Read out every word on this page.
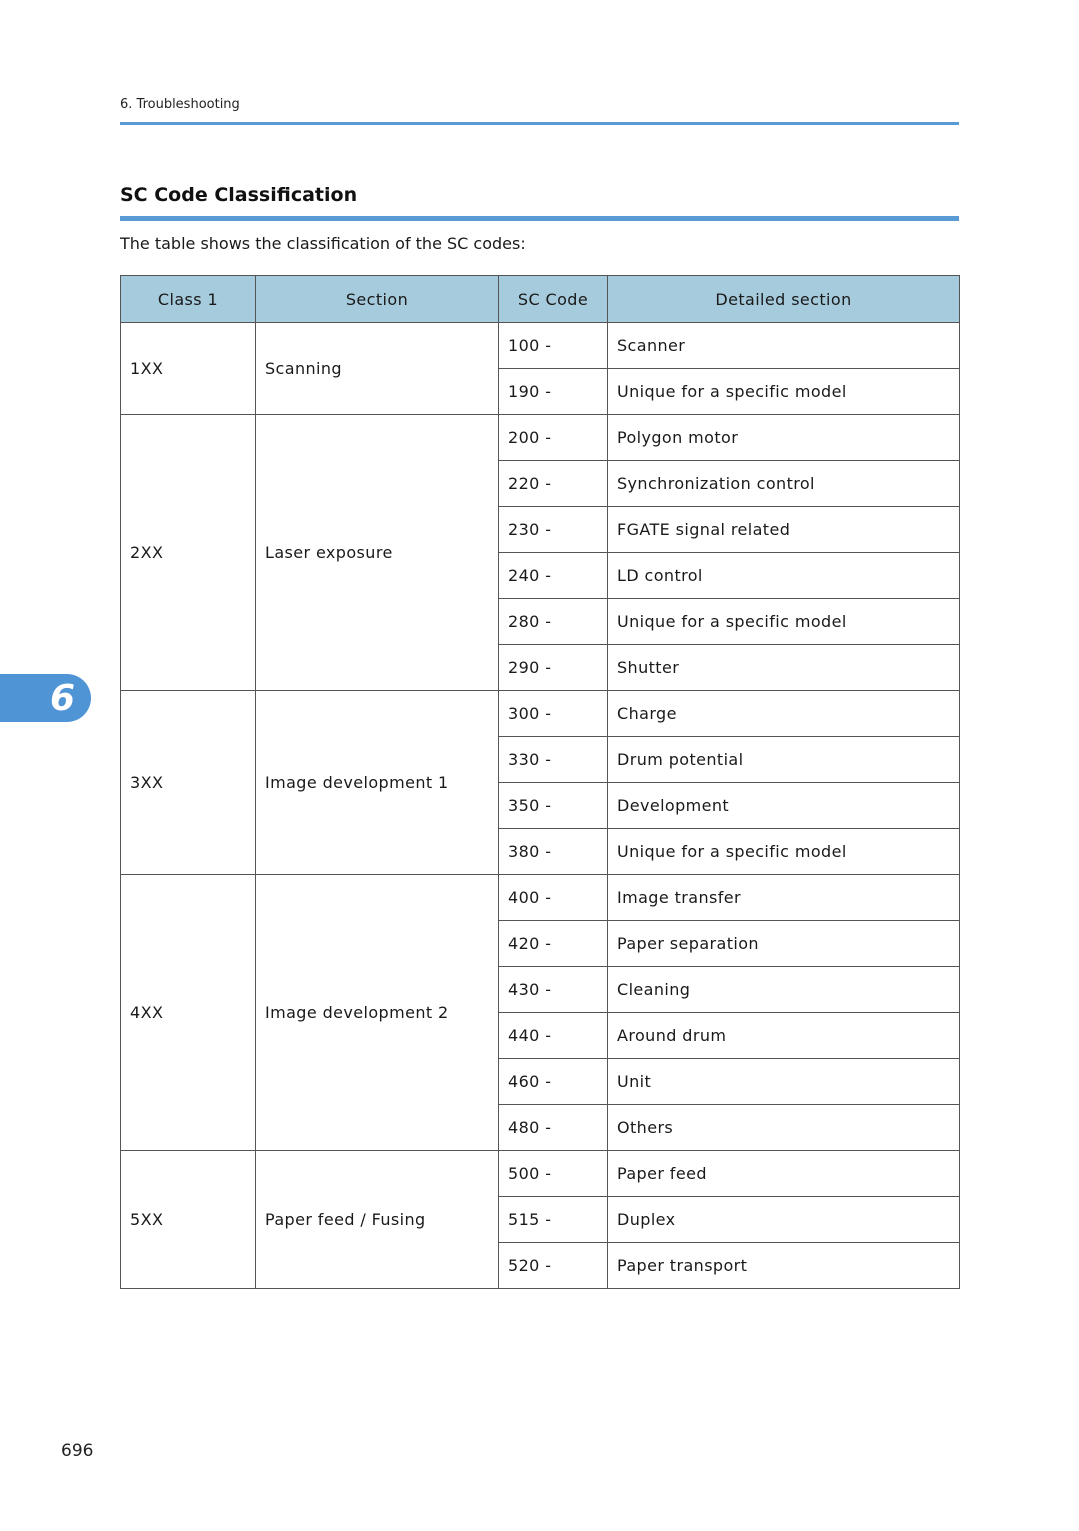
6. Troubleshooting
SC Code Classification
The table shows the classification of the SC codes:
Class 1	Section	SC Code	Detailed section
1XX	Scanning	100 -	Scanner
		190 -	Unique for a specific model
2XX	Laser exposure	200 -	Polygon motor
		220 -	Synchronization control
		230 -	FGATE signal related
		240 -	LD control
		280 -	Unique for a specific model
		290 -	Shutter
3XX	Image development 1	300 -	Charge
		330 -	Drum potential
		350 -	Development
		380 -	Unique for a specific model
4XX	Image development 2	400 -	Image transfer
		420 -	Paper separation
		430 -	Cleaning
		440 -	Around drum
		460 -	Unit
		480 -	Others
5XX	Paper feed / Fusing	500 -	Paper feed
		515 -	Duplex
		520 -	Paper transport
6
696
